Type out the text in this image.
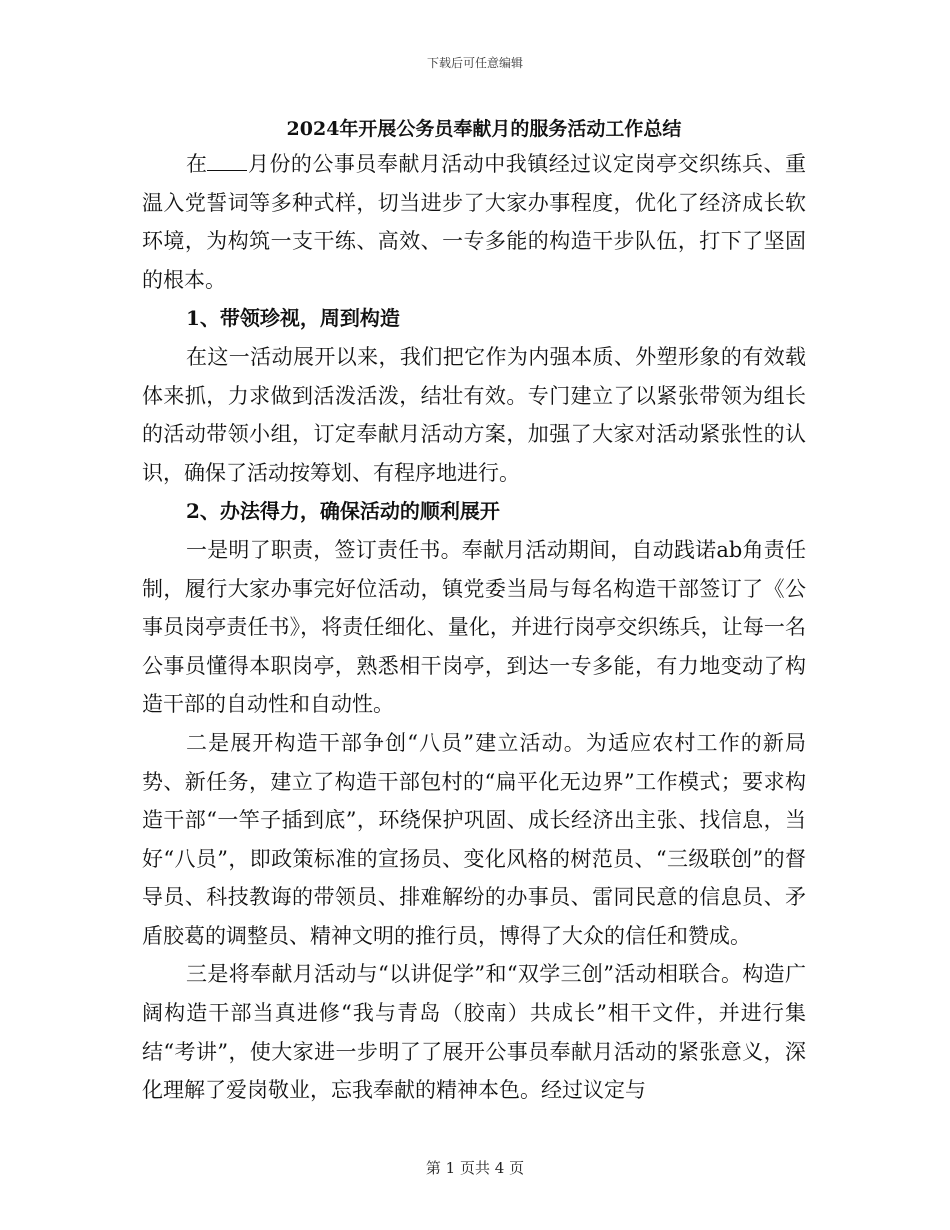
下载后可任意编辑
2024年开展公务员奉献月的服务活动工作总结

在 月份的公事员奉献月活动中我镇经过议定岗亭交织练兵、重温入党誓词等多种式样，切当进步了大家办事程度，优化了经济成长软环境，为构筑一支干练、高效、一专多能的构造干步队伍，打下了坚固的根本。

1、带领珍视，周到构造

在这一活动展开以来，我们把它作为内强本质、外塑形象的有效载体来抓，力求做到活泼活泼，结壮有效。专门建立了以紧张带领为组长的活动带领小组，订定奉献月活动方案，加强了大家对活动紧张性的认识，确保了活动按筹划、有程序地进行。

2、办法得力，确保活动的顺利展开

一是明了职责，签订责任书。奉献月活动期间，自动践诺ab角责任制，履行大家办事完好位活动，镇党委当局与每名构造干部签订了《公事员岗亭责任书》，将责任细化、量化，并进行岗亭交织练兵，让每一名公事员懂得本职岗亭，熟悉相干岗亭，到达一专多能，有力地变动了构造干部的自动性和自动性。

二是展开构造干部争创“八员”建立活动。为适应农村工作的新局势、新任务，建立了构造干部包村的“扁平化无边界”工作模式；要求构造干部“一竿子插到底”，环绕保护巩固、成长经济出主张、找信息，当好“八员”，即政策标准的宣扬员、变化风格的树范员、“三级联创”的督导员、科技教诲的带领员、排难解纷的办事员、雷同民意的信息员、矛盾胶葛的调整员、精神文明的推行员，博得了大众的信任和赞成。

三是将奉献月活动与“以讲促学”和“双学三创”活动相联合。构造广阔构造干部当真进修“我与青岛（胶南）共成长”相干文件，并进行集结“考讲”，使大家进一步明了了展开公事员奉献月活动的紧张意义，深化理解了爱岗敬业，忘我奉献的精神本色。经过议定与

第 1 页共 4 页
